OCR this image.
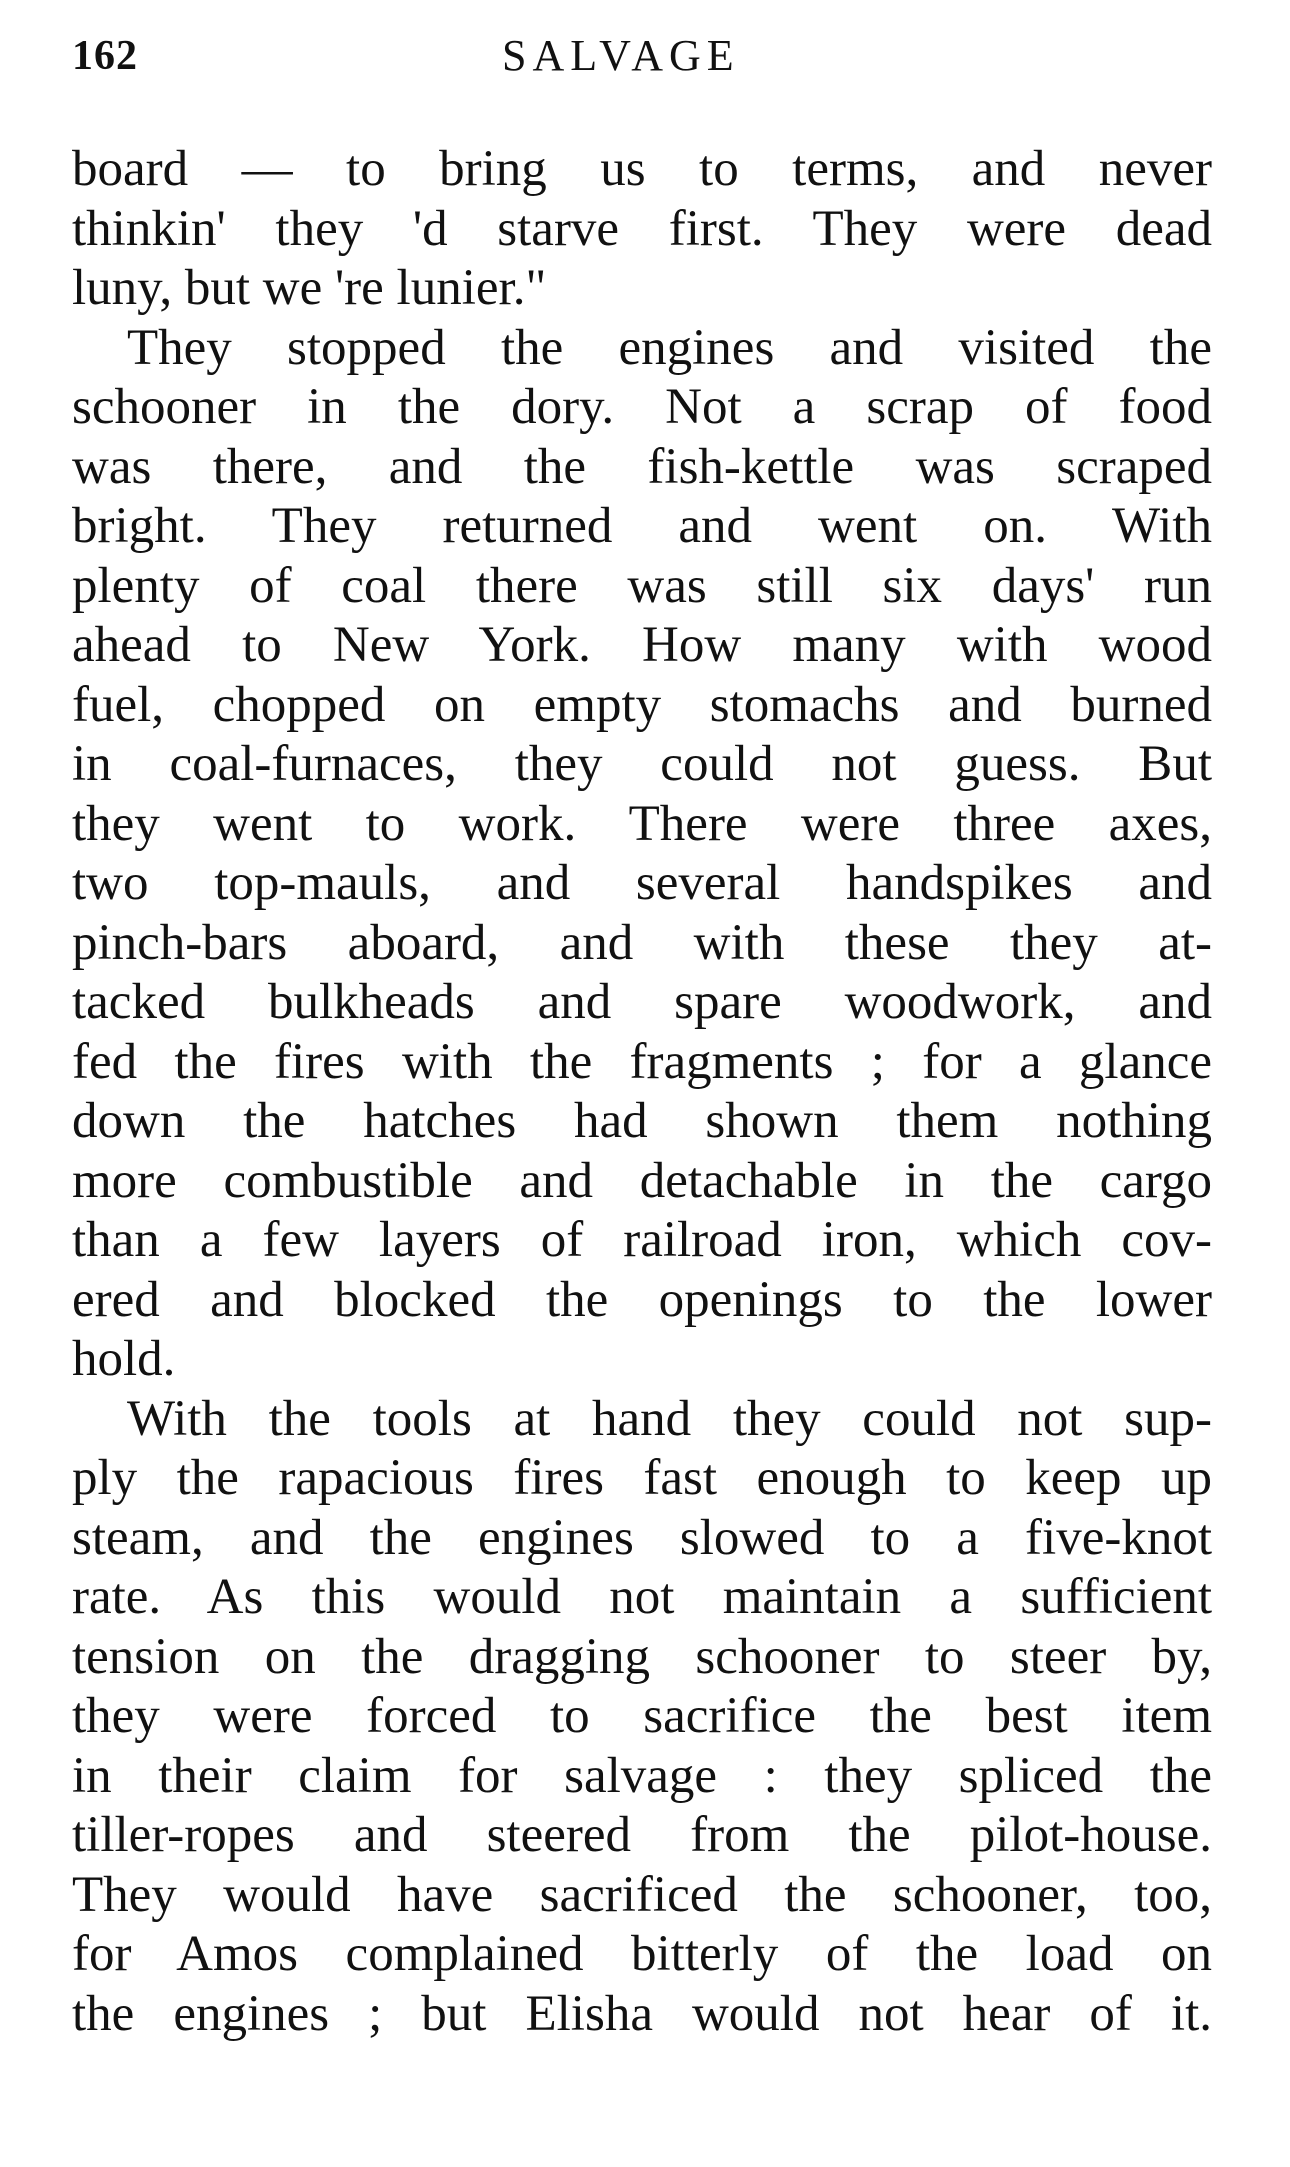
162	SALVAGE
board — to bring us to terms, and never
thinkin' they 'd starve first. They were dead
luny, but we 're lunier."
They stopped the engines and visited the
schooner in the dory. Not a scrap of food
was there, and the fish-kettle was scraped
bright. They returned and went on. With
plenty of coal there was still six days' run
ahead to New York. How many with wood
fuel, chopped on empty stomachs and burned
in coal-furnaces, they could not guess. But
they went to work. There were three axes,
two top-mauls, and several handspikes and
pinch-bars aboard, and with these they at-
tacked bulkheads and spare woodwork, and
fed the fires with the fragments ; for a glance
down the hatches had shown them nothing
more combustible and detachable in the cargo
than a few layers of railroad iron, which cov-
ered and blocked the openings to the lower
hold.
With the tools at hand they could not sup-
ply the rapacious fires fast enough to keep up
steam, and the engines slowed to a five-knot
rate. As this would not maintain a sufficient
tension on the dragging schooner to steer by,
they were forced to sacrifice the best item
in their claim for salvage : they spliced the
tiller-ropes and steered from the pilot-house.
They would have sacrificed the schooner, too,
for Amos complained bitterly of the load on
the engines ; but Elisha would not hear of it.
